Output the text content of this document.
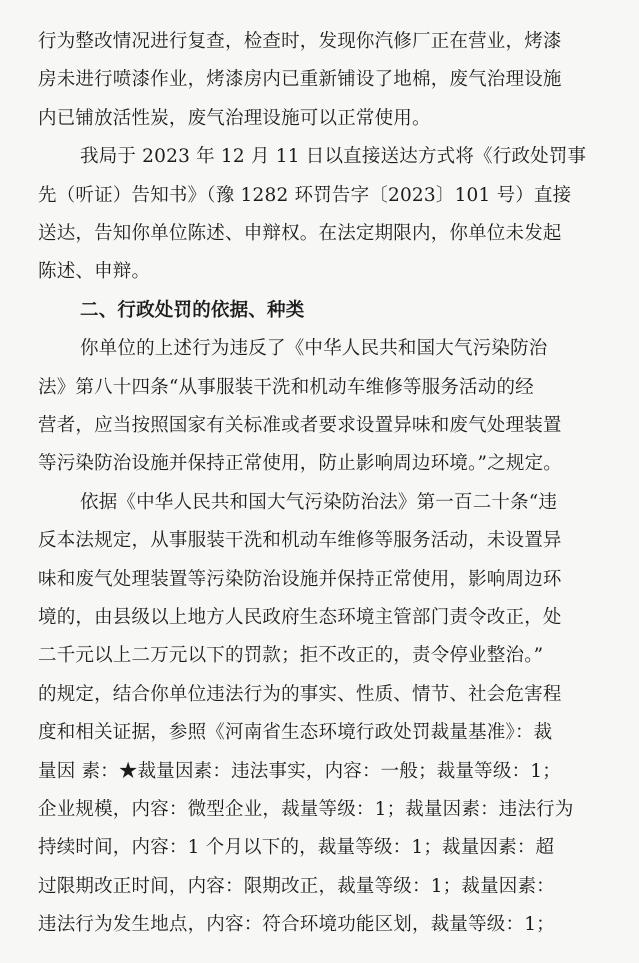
行为整改情况进行复查，检查时，发现你汽修厂正在营业，烤漆
房未进行喷漆作业，烤漆房内已重新铺设了地棉，废气治理设施
内已铺放活性炭，废气治理设施可以正常使用。
我局于 2023 年 12 月 11 日以直接送达方式将《行政处罚事
先（听证）告知书》（豫 1282 环罚告字〔2023〕101 号）直接
送达，告知你单位陈述、申辩权。在法定期限内，你单位未发起
陈述、申辩。
二、行政处罚的依据、种类
你单位的上述行为违反了《中华人民共和国大气污染防治
法》第八十四条“从事服装干洗和机动车维修等服务活动的经
营者，应当按照国家有关标准或者要求设置异味和废气处理装置
等污染防治设施并保持正常使用，防止影响周边环境。”之规定。
依据《中华人民共和国大气污染防治法》第一百二十条“违
反本法规定，从事服装干洗和机动车维修等服务活动，未设置异
味和废气处理装置等污染防治设施并保持正常使用，影响周边环
境的，由县级以上地方人民政府生态环境主管部门责令改正，处
二千元以上二万元以下的罚款；拒不改正的，责令停业整治。”
的规定，结合你单位违法行为的事实、性质、情节、社会危害程
度和相关证据，参照《河南省生态环境行政处罚裁量基准》：裁
量因 素：★裁量因素：违法事实，内容：一般；裁量等级：1；
企业规模，内容：微型企业，裁量等级：1；裁量因素：违法行为
持续时间，内容：1 个月以下的，裁量等级：1；裁量因素：超
过限期改正时间，内容：限期改正，裁量等级：1；裁量因素：
违法行为发生地点，内容：符合环境功能区划，裁量等级：1；
